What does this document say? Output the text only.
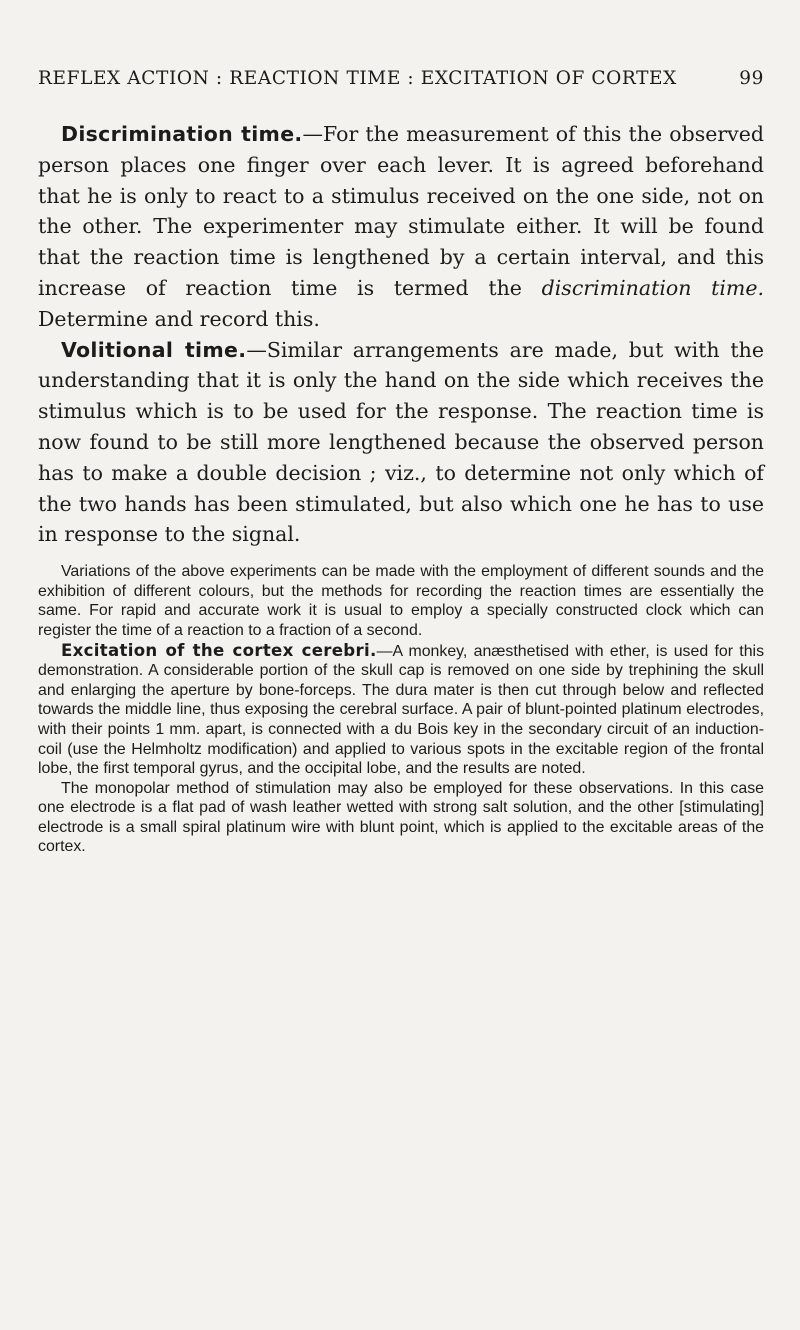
REFLEX ACTION : REACTION TIME : EXCITATION OF CORTEX	99

Discrimination time.—For the measurement of this the observed person places one finger over each lever. It is agreed beforehand that he is only to react to a stimulus received on the one side, not on the other. The experimenter may stimulate either. It will be found that the reaction time is lengthened by a certain interval, and this increase of reaction time is termed the discrimination time. Determine and record this.

Volitional time.—Similar arrangements are made, but with the understanding that it is only the hand on the side which receives the stimulus which is to be used for the response. The reaction time is now found to be still more lengthened because the observed person has to make a double decision ; viz., to determine not only which of the two hands has been stimulated, but also which one he has to use in response to the signal.

Variations of the above experiments can be made with the employment of different sounds and the exhibition of different colours, but the methods for recording the reaction times are essentially the same. For rapid and accurate work it is usual to employ a specially constructed clock which can register the time of a reaction to a fraction of a second.

Excitation of the cortex cerebri.—A monkey, anæsthetised with ether, is used for this demonstration. A considerable portion of the skull cap is removed on one side by trephining the skull and enlarging the aperture by bone-forceps. The dura mater is then cut through below and reflected towards the middle line, thus exposing the cerebral surface. A pair of blunt-pointed platinum electrodes, with their points 1 mm. apart, is connected with a du Bois key in the secondary circuit of an induction-coil (use the Helmholtz modification) and applied to various spots in the excitable region of the frontal lobe, the first temporal gyrus, and the occipital lobe, and the results are noted.

The monopolar method of stimulation may also be employed for these observations. In this case one electrode is a flat pad of wash leather wetted with strong salt solution, and the other [stimulating] electrode is a small spiral platinum wire with blunt point, which is applied to the excitable areas of the cortex.
